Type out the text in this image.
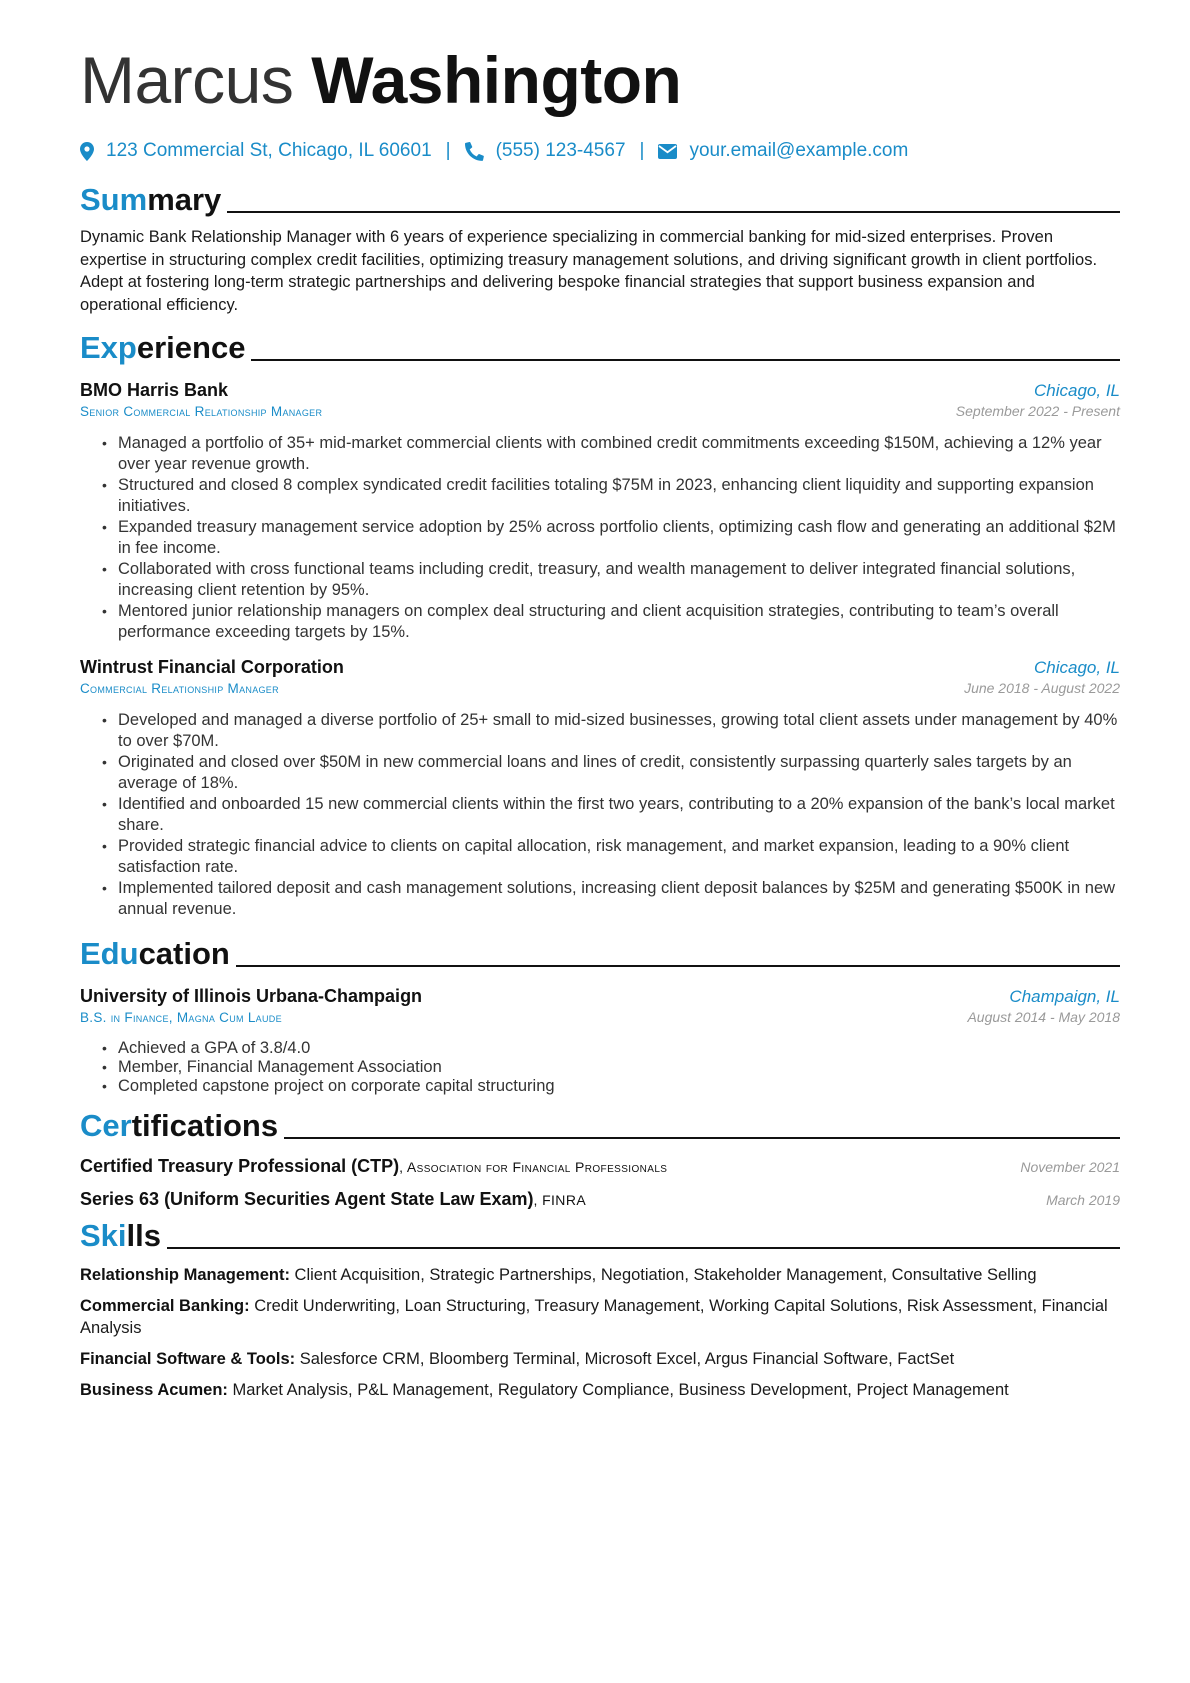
Marcus Washington
123 Commercial St, Chicago, IL 60601 | (555) 123-4567 | your.email@example.com
Summary
Dynamic Bank Relationship Manager with 6 years of experience specializing in commercial banking for mid-sized enterprises. Proven expertise in structuring complex credit facilities, optimizing treasury management solutions, and driving significant growth in client portfolios. Adept at fostering long-term strategic partnerships and delivering bespoke financial strategies that support business expansion and operational efficiency.
Experience
BMO Harris Bank	Chicago, IL
Senior Commercial Relationship Manager	September 2022 - Present
• Managed a portfolio of 35+ mid-market commercial clients with combined credit commitments exceeding $150M, achieving a 12% year over year revenue growth.
• Structured and closed 8 complex syndicated credit facilities totaling $75M in 2023, enhancing client liquidity and supporting expansion initiatives.
• Expanded treasury management service adoption by 25% across portfolio clients, optimizing cash flow and generating an additional $2M in fee income.
• Collaborated with cross functional teams including credit, treasury, and wealth management to deliver integrated financial solutions, increasing client retention by 95%.
• Mentored junior relationship managers on complex deal structuring and client acquisition strategies, contributing to team’s overall performance exceeding targets by 15%.
Wintrust Financial Corporation	Chicago, IL
Commercial Relationship Manager	June 2018 - August 2022
• Developed and managed a diverse portfolio of 25+ small to mid-sized businesses, growing total client assets under management by 40% to over $70M.
• Originated and closed over $50M in new commercial loans and lines of credit, consistently surpassing quarterly sales targets by an average of 18%.
• Identified and onboarded 15 new commercial clients within the first two years, contributing to a 20% expansion of the bank’s local market share.
• Provided strategic financial advice to clients on capital allocation, risk management, and market expansion, leading to a 90% client satisfaction rate.
• Implemented tailored deposit and cash management solutions, increasing client deposit balances by $25M and generating $500K in new annual revenue.
Education
University of Illinois Urbana-Champaign	Champaign, IL
B.S. in Finance, Magna Cum Laude	August 2014 - May 2018
• Achieved a GPA of 3.8/4.0
• Member, Financial Management Association
• Completed capstone project on corporate capital structuring
Certifications
Certified Treasury Professional (CTP), Association for Financial Professionals	November 2021
Series 63 (Uniform Securities Agent State Law Exam), FINRA	March 2019
Skills
Relationship Management: Client Acquisition, Strategic Partnerships, Negotiation, Stakeholder Management, Consultative Selling
Commercial Banking: Credit Underwriting, Loan Structuring, Treasury Management, Working Capital Solutions, Risk Assessment, Financial Analysis
Financial Software & Tools: Salesforce CRM, Bloomberg Terminal, Microsoft Excel, Argus Financial Software, FactSet
Business Acumen: Market Analysis, P&L Management, Regulatory Compliance, Business Development, Project Management
